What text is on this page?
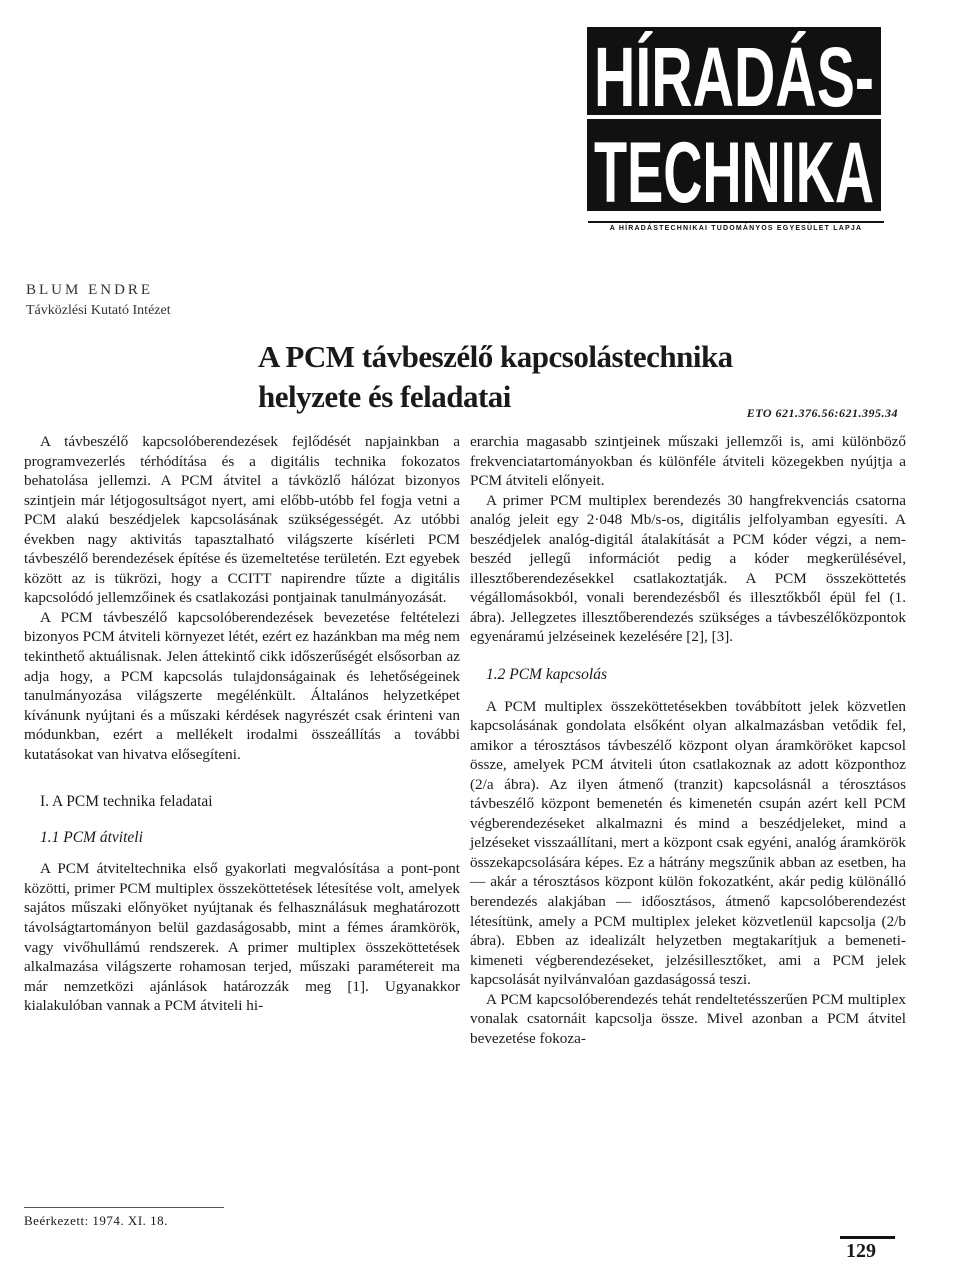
HÍRADÁS-
TECHNIKA
A HÍRADÁSTECHNIKAI TUDOMÁNYOS EGYESÜLET LAPJA
BLUM ENDRE
Távközlési Kutató Intézet
A PCM távbeszélő kapcsolástechnika
helyzete és feladatai	ETO 621.376.56:621.395.34

A távbeszélő kapcsolóberendezések fejlődését napjainkban a programvezerlés térhódítása és a digitális technika fokozatos behatolása jellemzi. A PCM átvitel a távközlő hálózat bizonyos szintjein már létjogosultságot nyert, ami előbb-utóbb fel fogja vetni a PCM alakú beszédjelek kapcsolásának szükségességét. Az utóbbi években nagy aktivitás tapasztalható világszerte kísérleti PCM távbeszélő berendezések építése és üzemeltetése területén. Ezt egyebek között az is tükrözi, hogy a CCITT napirendre tűzte a digitális kapcsolódó jellemzőinek és csatlakozási pontjainak tanulmányozását.

A PCM távbeszélő kapcsolóberendezések bevezetése feltételezi bizonyos PCM átviteli környezet létét, ezért ez hazánkban ma még nem tekinthető aktuálisnak. Jelen áttekintő cikk időszerűségét elsősorban az adja hogy, a PCM kapcsolás tulajdonságainak és lehetőségeinek tanulmányozása világszerte megélénkült. Általános helyzetképet kívánunk nyújtani és a műszaki kérdések nagyrészét csak érinteni van módunkban, ezért a mellékelt irodalmi összeállítás a további kutatásokat van hivatva elősegíteni.

I. A PCM technika feladatai

1.1 PCM átviteli

A PCM átviteltechnika első gyakorlati megvalósítása a pont-pont közötti, primer PCM multiplex összeköttetések létesítése volt, amelyek sajátos műszaki előnyöket nyújtanak és felhasználásuk meghatározott távolságtartományon belül gazdaságosabb, mint a fémes áramkörök, vagy vivőhullámú rendszerek. A primer multiplex összeköttetések alkalmazása világszerte rohamosan terjed, műszaki paramétereit ma már nemzetközi ajánlások határozzák meg [1]. Ugyanakkor kialakulóban vannak a PCM átviteli hi-

erarchia magasabb szintjeinek műszaki jellemzői is, ami különböző frekvenciatartományokban és különféle átviteli közegekben nyújtja a PCM átviteli előnyeit.

A primer PCM multiplex berendezés 30 hangfrekvenciás csatorna analóg jeleit egy 2·048 Mb/s-os, digitális jelfolyamban egyesíti. A beszédjelek analóg-digitál átalakítását a PCM kóder végzi, a nem-beszéd jellegű információt pedig a kóder megkerülésével, illesztőberendezésekkel csatlakoztatják. A PCM összeköttetés végállomásokból, vonali berendezésből és illesztőkből épül fel (1. ábra). Jellegzetes illesztőberendezés szükséges a távbeszélőközpontok egyenáramú jelzéseinek kezelésére [2], [3].

1.2 PCM kapcsolás

A PCM multiplex összeköttetésekben továbbított jelek közvetlen kapcsolásának gondolata elsőként olyan alkalmazásban vetődik fel, amikor a térosztásos távbeszélő központ olyan áramköröket kapcsol össze, amelyek PCM átviteli úton csatlakoznak az adott központhoz (2/a ábra). Az ilyen átmenő (tranzit) kapcsolásnál a térosztásos távbeszélő központ bemenetén és kimenetén csupán azért kell PCM végberendezéseket alkalmazni és mind a beszédjeleket, mind a jelzéseket visszaállítani, mert a központ csak egyéni, analóg áramkörök összekapcsolására képes. Ez a hátrány megszűnik abban az esetben, ha — akár a térosztásos központ külön fokozatként, akár pedig különálló berendezés alakjában — időosztásos, átmenő kapcsolóberendezést létesítünk, amely a PCM multiplex jeleket közvetlenül kapcsolja (2/b ábra). Ebben az idealizált helyzetben megtakarítjuk a bemeneti-kimeneti végberendezéseket, jelzésillesztőket, ami a PCM jelek kapcsolását nyilvánvalóan gazdaságossá teszi.

A PCM kapcsolóberendezés tehát rendeltetésszerűen PCM multiplex vonalak csatornáit kapcsolja össze. Mivel azonban a PCM átvitel bevezetése fokoza-

Beérkezett: 1974. XI. 18.
129
